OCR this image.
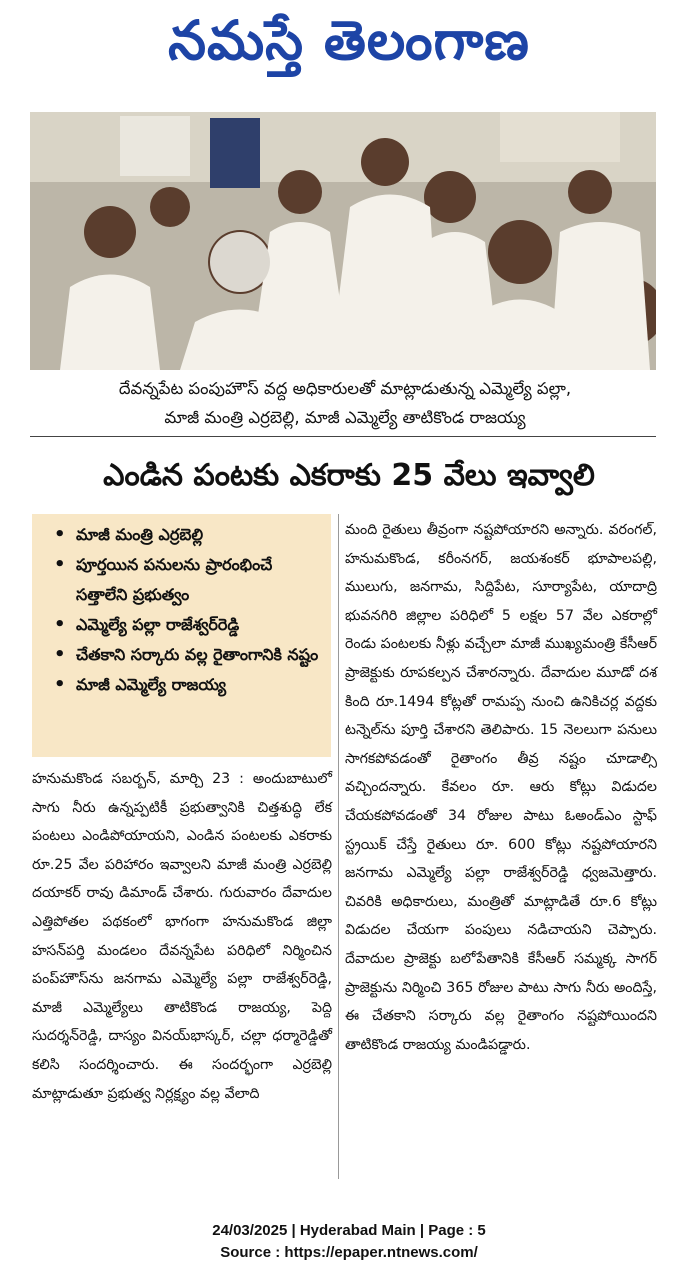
నమస్తే తెలంగాణ
దేవన్నపేట పంపుహౌస్‌ వద్ద అధికారులతో మాట్లాడుతున్న ఎమ్మెల్యే పల్లా,
మాజీ మంత్రి ఎర్రబెల్లి, మాజీ ఎమ్మెల్యే తాటికొండ రాజయ్య
ఎండిన పంటకు ఎకరాకు 25 వేలు ఇవ్వాలి
• మాజీ మంత్రి ఎర్రబెల్లి
• పూర్తయిన పనులను ప్రారంభించే సత్తాలేని ప్రభుత్వం
• ఎమ్మెల్యే పల్లా రాజేశ్వర్‌రెడ్డి
• చేతకాని సర్కారు వల్ల రైతాంగానికి నష్టం
• మాజీ ఎమ్మెల్యే రాజయ్య

హనుమకొండ సబర్బన్‌, మార్చి 23 : అందుబాటులో సాగు నీరు ఉన్నప్పటికీ ప్రభుత్వానికి చిత్తశుద్ధి లేక పంటలు ఎండిపోయాయని, ఎండిన పంటలకు ఎకరాకు రూ.25 వేల పరిహారం ఇవ్వాలని మాజీ మంత్రి ఎర్రబెల్లి దయాకర్‌ రావు డిమాండ్‌ చేశారు. గురువారం దేవాదుల ఎత్తిపోతల పథకంలో భాగంగా హనుమకొండ జిల్లా హసన్‌పర్తి మండలం దేవన్నపేట పరిధిలో నిర్మించిన పంప్‌హౌస్‌ను జనగామ ఎమ్మెల్యే పల్లా రాజేశ్వర్‌రెడ్డి, మాజీ ఎమ్మెల్యేలు తాటికొండ రాజయ్య, పెద్ది సుదర్శన్‌రెడ్డి, దాస్యం వినయ్‌భాస్కర్‌, చల్లా ధర్మారెడ్డితో కలిసి సందర్శించారు. ఈ సందర్భంగా ఎర్రబెల్లి మాట్లాడుతూ ప్రభుత్వ నిర్లక్ష్యం వల్ల వేలాది

మంది రైతులు తీవ్రంగా నష్టపోయారని అన్నారు. వరంగల్‌, హనుమకొండ, కరీంనగర్‌, జయశంకర్‌ భూపాలపల్లి, ములుగు, జనగామ, సిద్దిపేట, సూర్యాపేట, యాదాద్రి భువనగిరి జిల్లాల పరిధిలో 5 లక్షల 57 వేల ఎకరాల్లో రెండు పంటలకు నీళ్లు వచ్చేలా మాజీ ముఖ్యమంత్రి కేసీఆర్‌ ప్రాజెక్టుకు రూపకల్పన చేశారన్నారు. దేవాదుల మూడో దశ కింది రూ.1494 కోట్లతో రామప్ప నుంచి ఉనికిచర్ల వద్దకు టన్నెల్‌ను పూర్తి చేశారని తెలిపారు. 15 నెలలుగా పనులు సాగకపోవడంతో రైతాంగం తీవ్ర నష్టం చూడాల్సి వచ్చిందన్నారు. కేవలం రూ. ఆరు కోట్లు విడుదల చేయకపోవడంతో 34 రోజుల పాటు ఓఅండ్‌ఎం స్టాఫ్‌ స్ట్రయిక్‌ చేస్తే రైతులు రూ. 600 కోట్లు నష్టపోయారని జనగామ ఎమ్మెల్యే పల్లా రాజేశ్వర్‌రెడ్డి ధ్వజమెత్తారు. చివరికి అధికారులు, మంత్రితో మాట్లాడితే రూ.6 కోట్లు విడుదల చేయగా పంపులు నడిచాయని చెప్పారు. దేవాదుల ప్రాజెక్టు బలోపేతానికి కేసీఆర్‌ సమ్మక్క సాగర్‌ ప్రాజెక్టును నిర్మించి 365 రోజుల పాటు సాగు నీరు అందిస్తే, ఈ చేతకాని సర్కారు వల్ల రైతాంగం నష్టపోయిందని తాటికొండ రాజయ్య మండిపడ్డారు.

24/03/2025 | Hyderabad Main | Page : 5
Source : https://epaper.ntnews.com/
